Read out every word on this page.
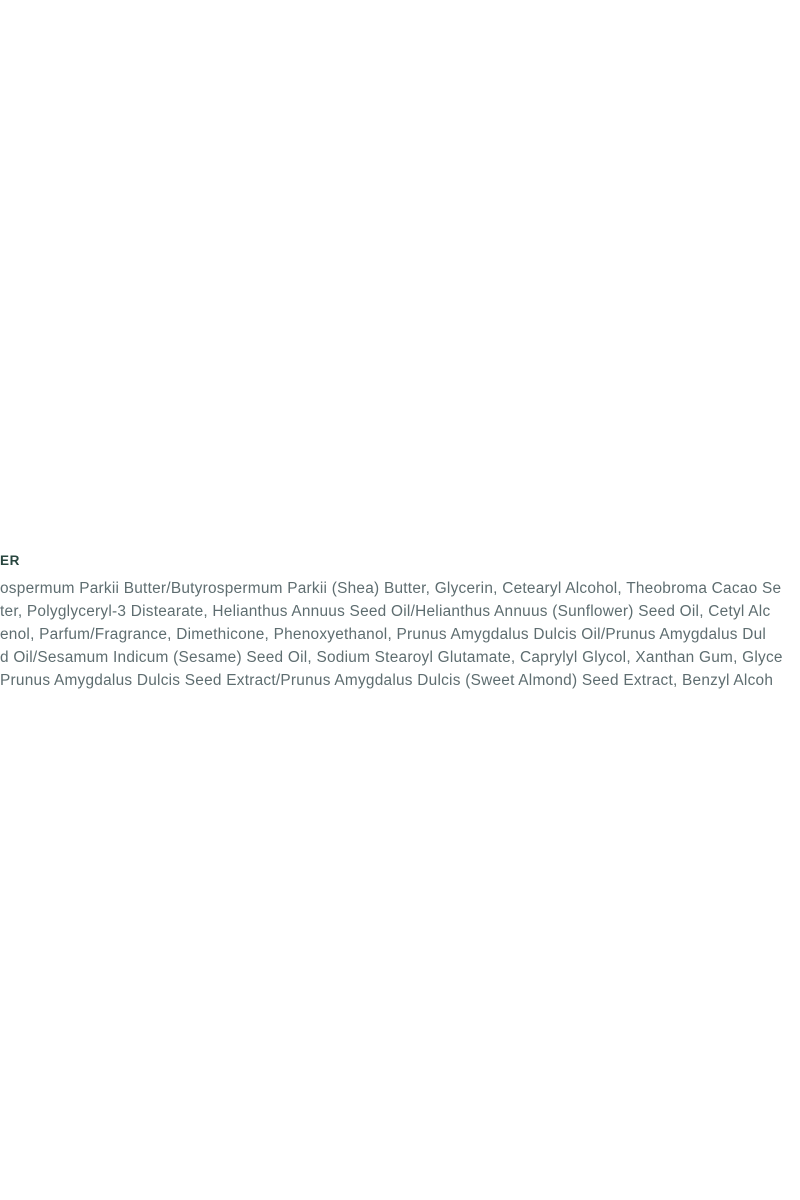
ER
ospermum Parkii Butter/Butyrospermum Parkii (Shea) Butter, Glycerin, Cetearyl Alcohol, Theobroma Cacao Se
ter, Polyglyceryl-3 Distearate, Helianthus Annuus Seed Oil/Helianthus Annuus (Sunflower) Seed Oil, Cetyl Alc
enol, Parfum/Fragrance, Dimethicone, Phenoxyethanol, Prunus Amygdalus Dulcis Oil/Prunus Amygdalus Dul
d Oil/Sesamum Indicum (Sesame) Seed Oil, Sodium Stearoyl Glutamate, Caprylyl Glycol, Xanthan Gum, Glyce
Prunus Amygdalus Dulcis Seed Extract/Prunus Amygdalus Dulcis (Sweet Almond) Seed Extract, Benzyl Alcoh
